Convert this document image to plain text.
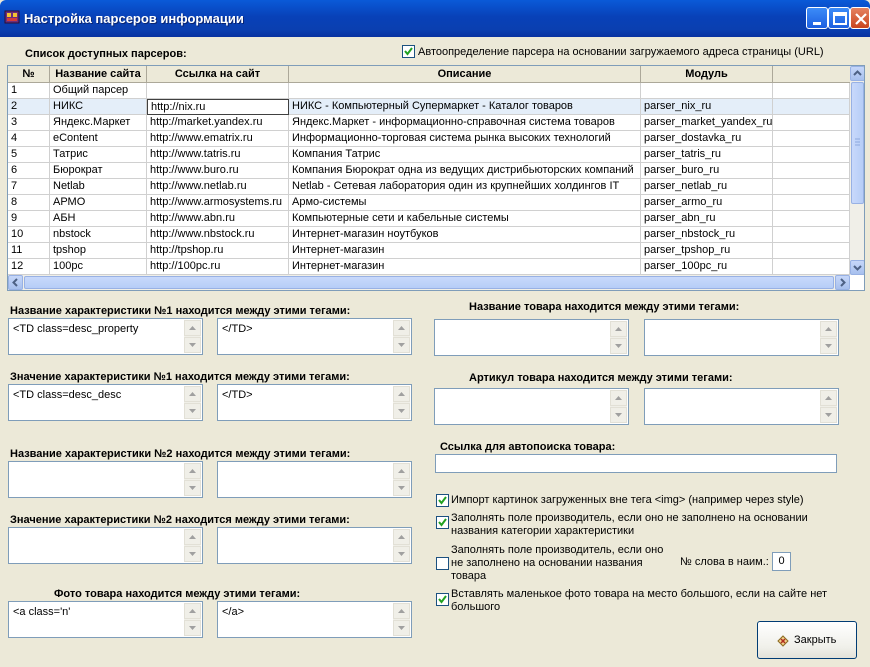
Настройка парсеров информации
Список доступных парсеров:	Автоопределение парсера на основании загружаемого адреса страницы (URL)
№	Название сайта	Ссылка на сайт	Описание	Модуль
1	Общий парсер
2	НИКС	http://nix.ru	НИКС - Компьютерный Супермаркет - Каталог товаров	parser_nix_ru
3	Яндекс.Маркет	http://market.yandex.ru	Яндекс.Маркет - информационно-справочная система товаров	parser_market_yandex_ru
4	eContent	http://www.ematrix.ru	Информационно-торговая система рынка высоких технологий	parser_dostavka_ru
5	Татрис	http://www.tatris.ru	Компания Татрис	parser_tatris_ru
6	Бюрократ	http://www.buro.ru	Компания Бюрократ одна из ведущих дистрибьюторских компаний parser_buro_ru
7	Netlab	http://www.netlab.ru	Netlab - Сетевая лаборатория один из крупнейших холдингов IT	parser_netlab_ru
8	АРМО	http://www.armosystems.ru Армо-системы	parser_armo_ru
9	АБН	http://www.abn.ru	Компьютерные сети и кабельные системы	parser_abn_ru
10	nbstock	http://www.nbstock.ru	Интернет-магазин ноутбуков	parser_nbstock_ru
11	tpshop	http://tpshop.ru	Интернет-магазин	parser_tpshop_ru
12	100pc	http://100pc.ru	Интернет-магазин	parser_100pc_ru
Название характеристики №1 находится между этими тегами:
<TD class=desc_property	</TD>
Значение характеристики №1 находится между этими тегами:
<TD class=desc_desc	</TD>
Название характеристики №2 находится между этими тегами:
Значение характеристики №2 находится между этими тегами:
Фото товара находится между этими тегами:
<a class='n'	</a>
Название товара находится между этими тегами:
Артикул товара находится между этими тегами:
Ссылка для автопоиска товара:
Импорт картинок загруженных вне тега <img> (например через style)
Заполнять поле производитель, если оно не заполнено на основании
названия категории характеристики
Заполнять поле производитель, если оно
не заполнено на основании названия
товара
№ слова в наим.: 0
Вставлять маленькое фото товара на место большого, если на сайте нет
большого
Закрыть
